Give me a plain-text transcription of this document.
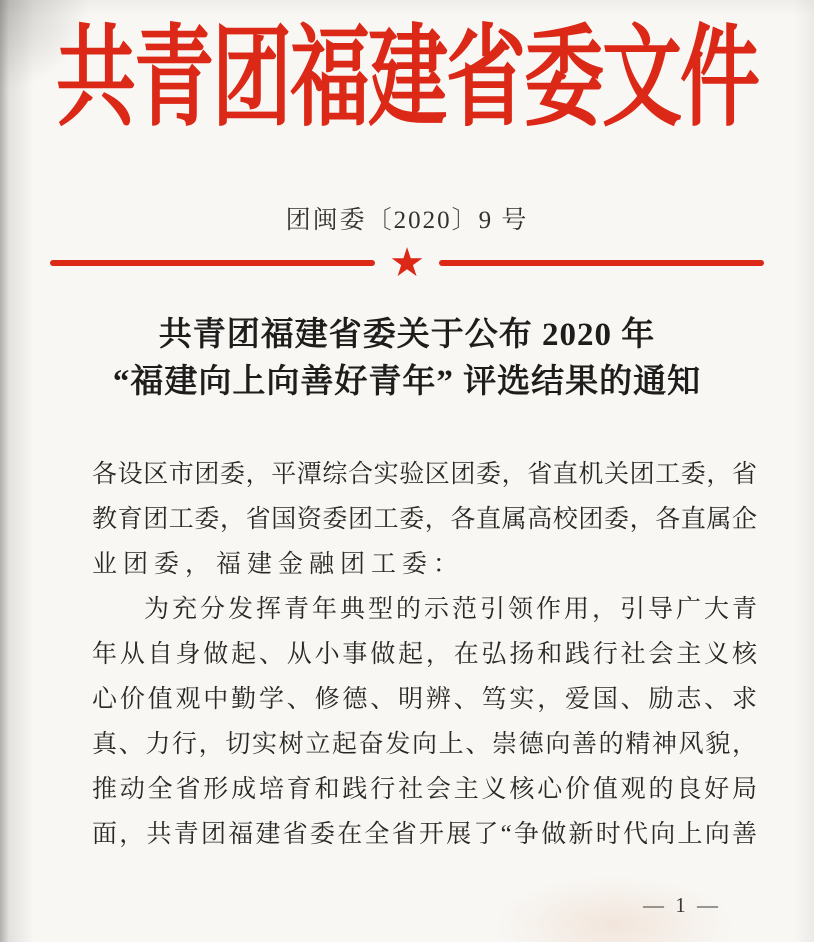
共青团福建省委文件
团闽委〔2020〕9 号
★
共青团福建省委关于公布 2020 年
“福建向上向善好青年” 评选结果的通知
各设区市团委，平潭综合实验区团委，省直机关团工委，省
教育团工委，省国资委团工委，各直属高校团委，各直属企
业团委，福建金融团工委：
为充分发挥青年典型的示范引领作用，引导广大青
年从自身做起、从小事做起，在弘扬和践行社会主义核
心价值观中勤学、修德、明辨、笃实，爱国、励志、求
真、力行，切实树立起奋发向上、崇德向善的精神风貌，
推动全省形成培育和践行社会主义核心价值观的良好局
面，共青团福建省委在全省开展了“争做新时代向上向善
— 1 —
